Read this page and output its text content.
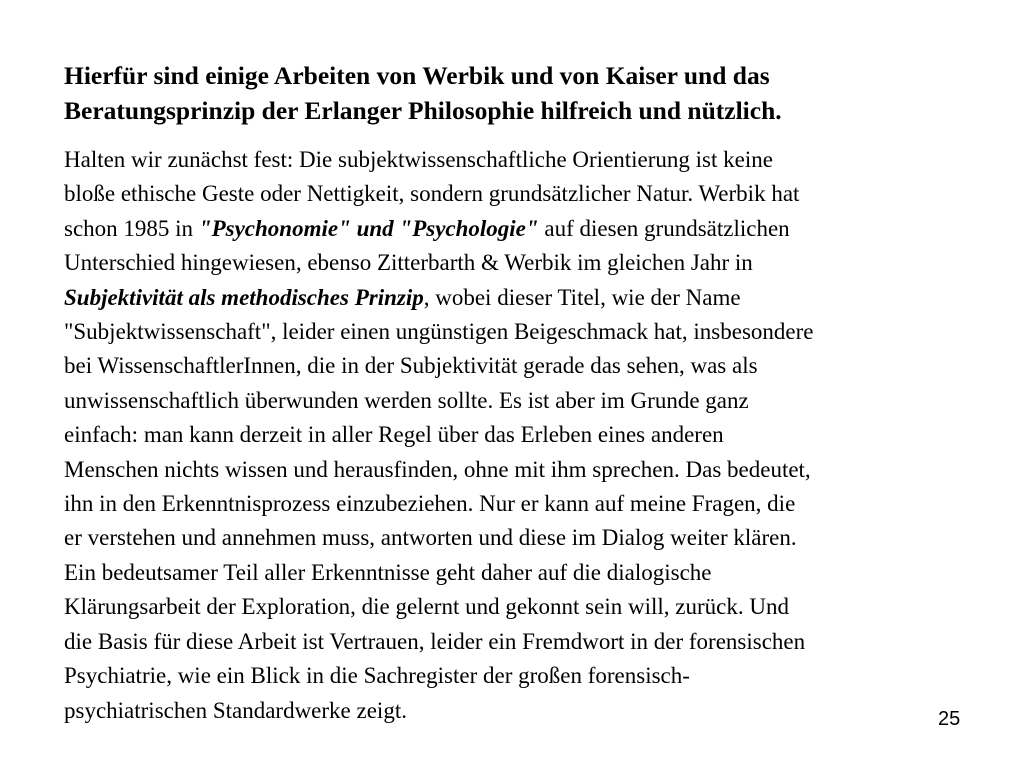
Hierfür sind einige Arbeiten von Werbik und von Kaiser und das
Beratungsprinzip der Erlanger Philosophie hilfreich und nützlich.
Halten wir zunächst fest: Die subjektwissenschaftliche Orientierung ist keine
bloße ethische Geste oder Nettigkeit, sondern grundsätzlicher Natur. Werbik hat
schon 1985 in "Psychonomie" und "Psychologie" auf diesen grundsätzlichen
Unterschied hingewiesen, ebenso Zitterbarth & Werbik im gleichen Jahr in
Subjektivität als methodisches Prinzip, wobei dieser Titel, wie der Name
"Subjektwissenschaft", leider einen ungünstigen Beigeschmack hat, insbesondere
bei WissenschaftlerInnen, die in der Subjektivität gerade das sehen, was als
unwissenschaftlich überwunden werden sollte. Es ist aber im Grunde ganz
einfach: man kann derzeit in aller Regel über das Erleben eines anderen
Menschen nichts wissen und herausfinden, ohne mit ihm sprechen. Das bedeutet,
ihn in den Erkenntnisprozess einzubeziehen. Nur er kann auf meine Fragen, die
er verstehen und annehmen muss, antworten und diese im Dialog weiter klären.
Ein bedeutsamer Teil aller Erkenntnisse geht daher auf die dialogische
Klärungsarbeit der Exploration, die gelernt und gekonnt sein will, zurück. Und
die Basis für diese Arbeit ist Vertrauen, leider ein Fremdwort in der forensischen
Psychiatrie, wie ein Blick in die Sachregister der großen forensisch-
psychiatrischen Standardwerke zeigt.	25
